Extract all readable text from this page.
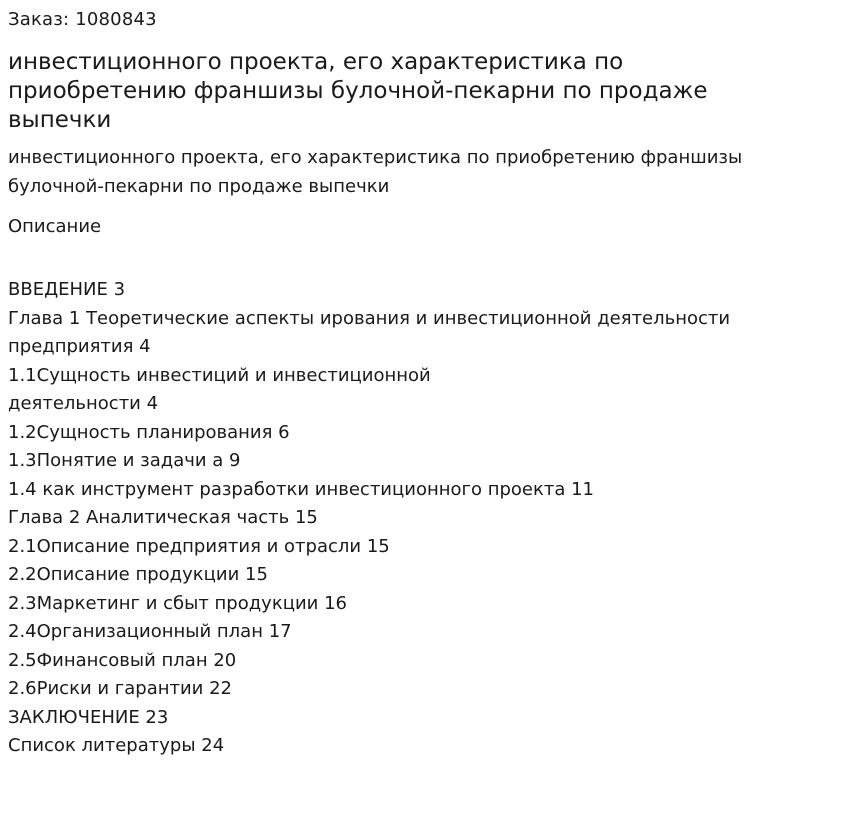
Заказ: 1080843
инвестиционного проекта, его характеристика по
приобретению франшизы булочной-пекарни по продаже
выпечки
инвестиционного проекта, его характеристика по приобретению франшизы
булочной-пекарни по продаже выпечки
Описание
ВВЕДЕНИЕ 3
Глава 1 Теоретические аспекты ирования и инвестиционной деятельности
предприятия 4
1.1Сущность инвестиций и инвестиционной
деятельности 4
1.2Сущность планирования 6
1.3Понятие и задачи a 9
1.4 как инструмент разработки инвестиционного проекта 11
Глава 2 Аналитическая часть 15
2.1Описание предприятия и отрасли 15
2.2Описание продукции 15
2.3Маркетинг и сбыт продукции 16
2.4Организационный план 17
2.5Финансовый план 20
2.6Риски и гарантии 22
ЗАКЛЮЧЕНИЕ 23
Список литературы 24
